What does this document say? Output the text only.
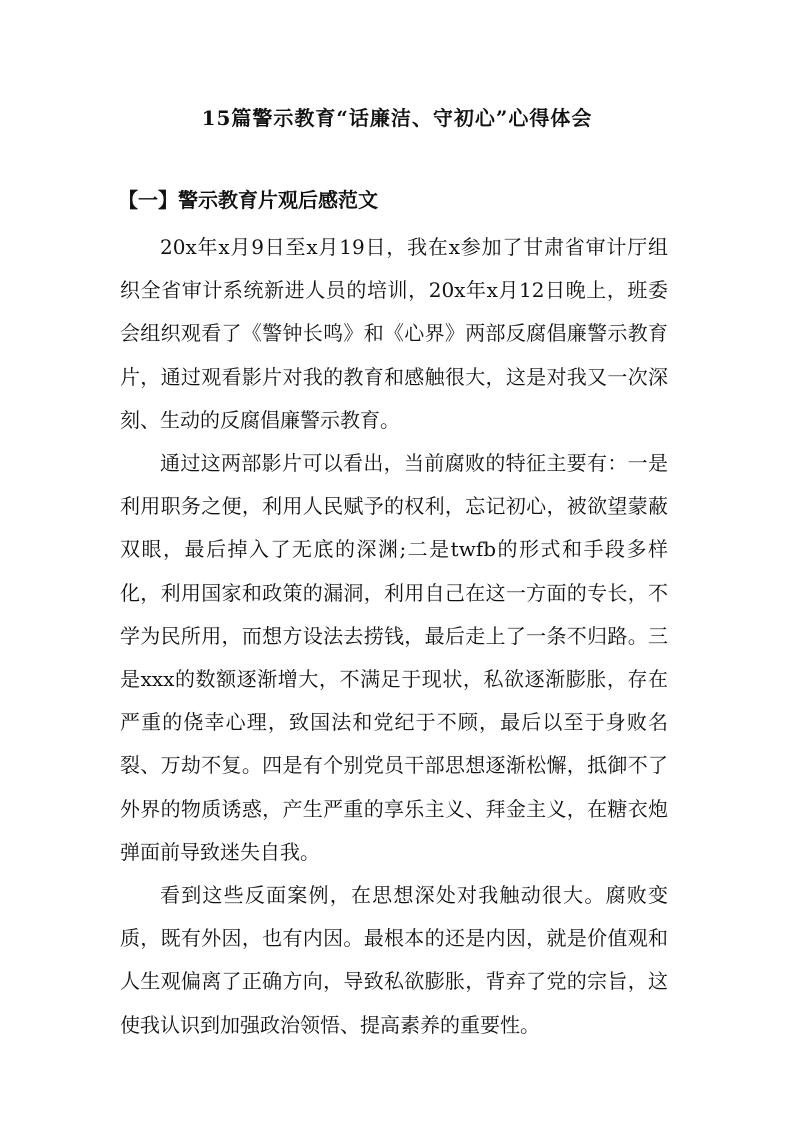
15篇警示教育“话廉洁、守初心”心得体会
【一】警示教育片观后感范文

20x年x月9日至x月19日，我在x参加了甘肃省审计厅组织全省审计系统新进人员的培训，20x年x月12日晚上，班委会组织观看了《警钟长鸣》和《心界》两部反腐倡廉警示教育片，通过观看影片对我的教育和感触很大，这是对我又一次深刻、生动的反腐倡廉警示教育。

通过这两部影片可以看出，当前腐败的特征主要有：一是利用职务之便，利用人民赋予的权利，忘记初心，被欲望蒙蔽双眼，最后掉入了无底的深渊;二是twfb的形式和手段多样化，利用国家和政策的漏洞，利用自己在这一方面的专长，不学为民所用，而想方设法去捞钱，最后走上了一条不归路。三是xxx的数额逐渐增大，不满足于现状，私欲逐渐膨胀，存在严重的侥幸心理，致国法和党纪于不顾，最后以至于身败名裂、万劫不复。四是有个别党员干部思想逐渐松懈，抵御不了外界的物质诱惑，产生严重的享乐主义、拜金主义，在糖衣炮弹面前导致迷失自我。

看到这些反面案例，在思想深处对我触动很大。腐败变质，既有外因，也有内因。最根本的还是内因，就是价值观和人生观偏离了正确方向，导致私欲膨胀，背弃了党的宗旨，这使我认识到加强政治领悟、提高素养的重要性。
